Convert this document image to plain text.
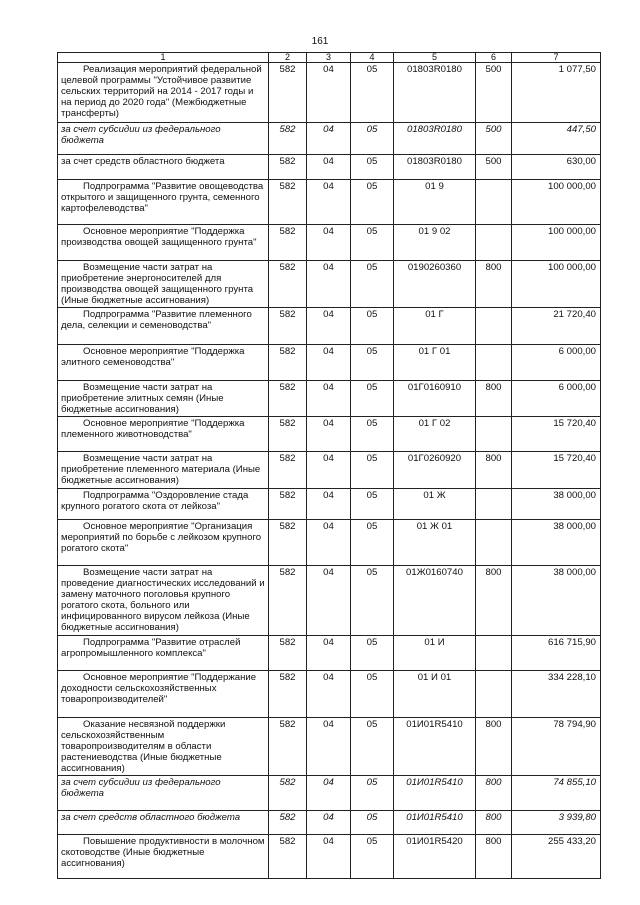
161
1	2	3	4	5	6	7
Реализация мероприятий федеральной целевой программы "Устойчивое развитие сельских территорий на 2014 - 2017 годы и на период до 2020 года" (Межбюджетные трансферты)	582	04	05	01803R0180	500	1 077,50
за счет субсидии из федерального бюджета	582	04	05	01803R0180	500	447,50
за счет средств областного бюджета	582	04	05	01803R0180	500	630,00
Подпрограмма "Развитие овощеводства открытого и защищенного грунта, семенного картофелеводства"	582	04	05	01 9		100 000,00
Основное мероприятие "Поддержка производства овощей защищенного грунта"	582	04	05	01 9 02		100 000,00
Возмещение части затрат на приобретение энергоносителей для производства овощей защищенного грунта (Иные бюджетные ассигнования)	582	04	05	0190260360	800	100 000,00
Подпрограмма "Развитие племенного дела, селекции и семеноводства"	582	04	05	01 Г		21 720,40
Основное мероприятие "Поддержка элитного семеноводства"	582	04	05	01 Г 01		6 000,00
Возмещение части затрат на приобретение элитных семян (Иные бюджетные ассигнования)	582	04	05	01Г0160910	800	6 000,00
Основное мероприятие "Поддержка племенного животноводства"	582	04	05	01 Г 02		15 720,40
Возмещение части затрат на приобретение племенного материала (Иные бюджетные ассигнования)	582	04	05	01Г0260920	800	15 720,40
Подпрограмма "Оздоровление стада крупного рогатого скота от лейкоза"	582	04	05	01 Ж		38 000,00
Основное мероприятие "Организация мероприятий по борьбе с лейкозом крупного рогатого скота"	582	04	05	01 Ж 01		38 000,00
Возмещение части затрат на проведение диагностических исследований и замену маточного поголовья крупного рогатого скота, больного или инфицированного вирусом лейкоза (Иные бюджетные ассигнования)	582	04	05	01Ж0160740	800	38 000,00
Подпрограмма "Развитие отраслей агропромышленного комплекса"	582	04	05	01 И		616 715,90
Основное мероприятие "Поддержание доходности сельскохозяйственных товаропроизводителей"	582	04	05	01 И 01		334 228,10
Оказание несвязной поддержки сельскохозяйственным товаропроизводителям в области растениеводства (Иные бюджетные ассигнования)	582	04	05	01И01R5410	800	78 794,90
за счет субсидии из федерального бюджета	582	04	05	01И01R5410	800	74 855,10
за счет средств областного бюджета	582	04	05	01И01R5410	800	3 939,80
Повышение продуктивности в молочном скотоводстве (Иные бюджетные ассигнования)	582	04	05	01И01R5420	800	255 433,20
